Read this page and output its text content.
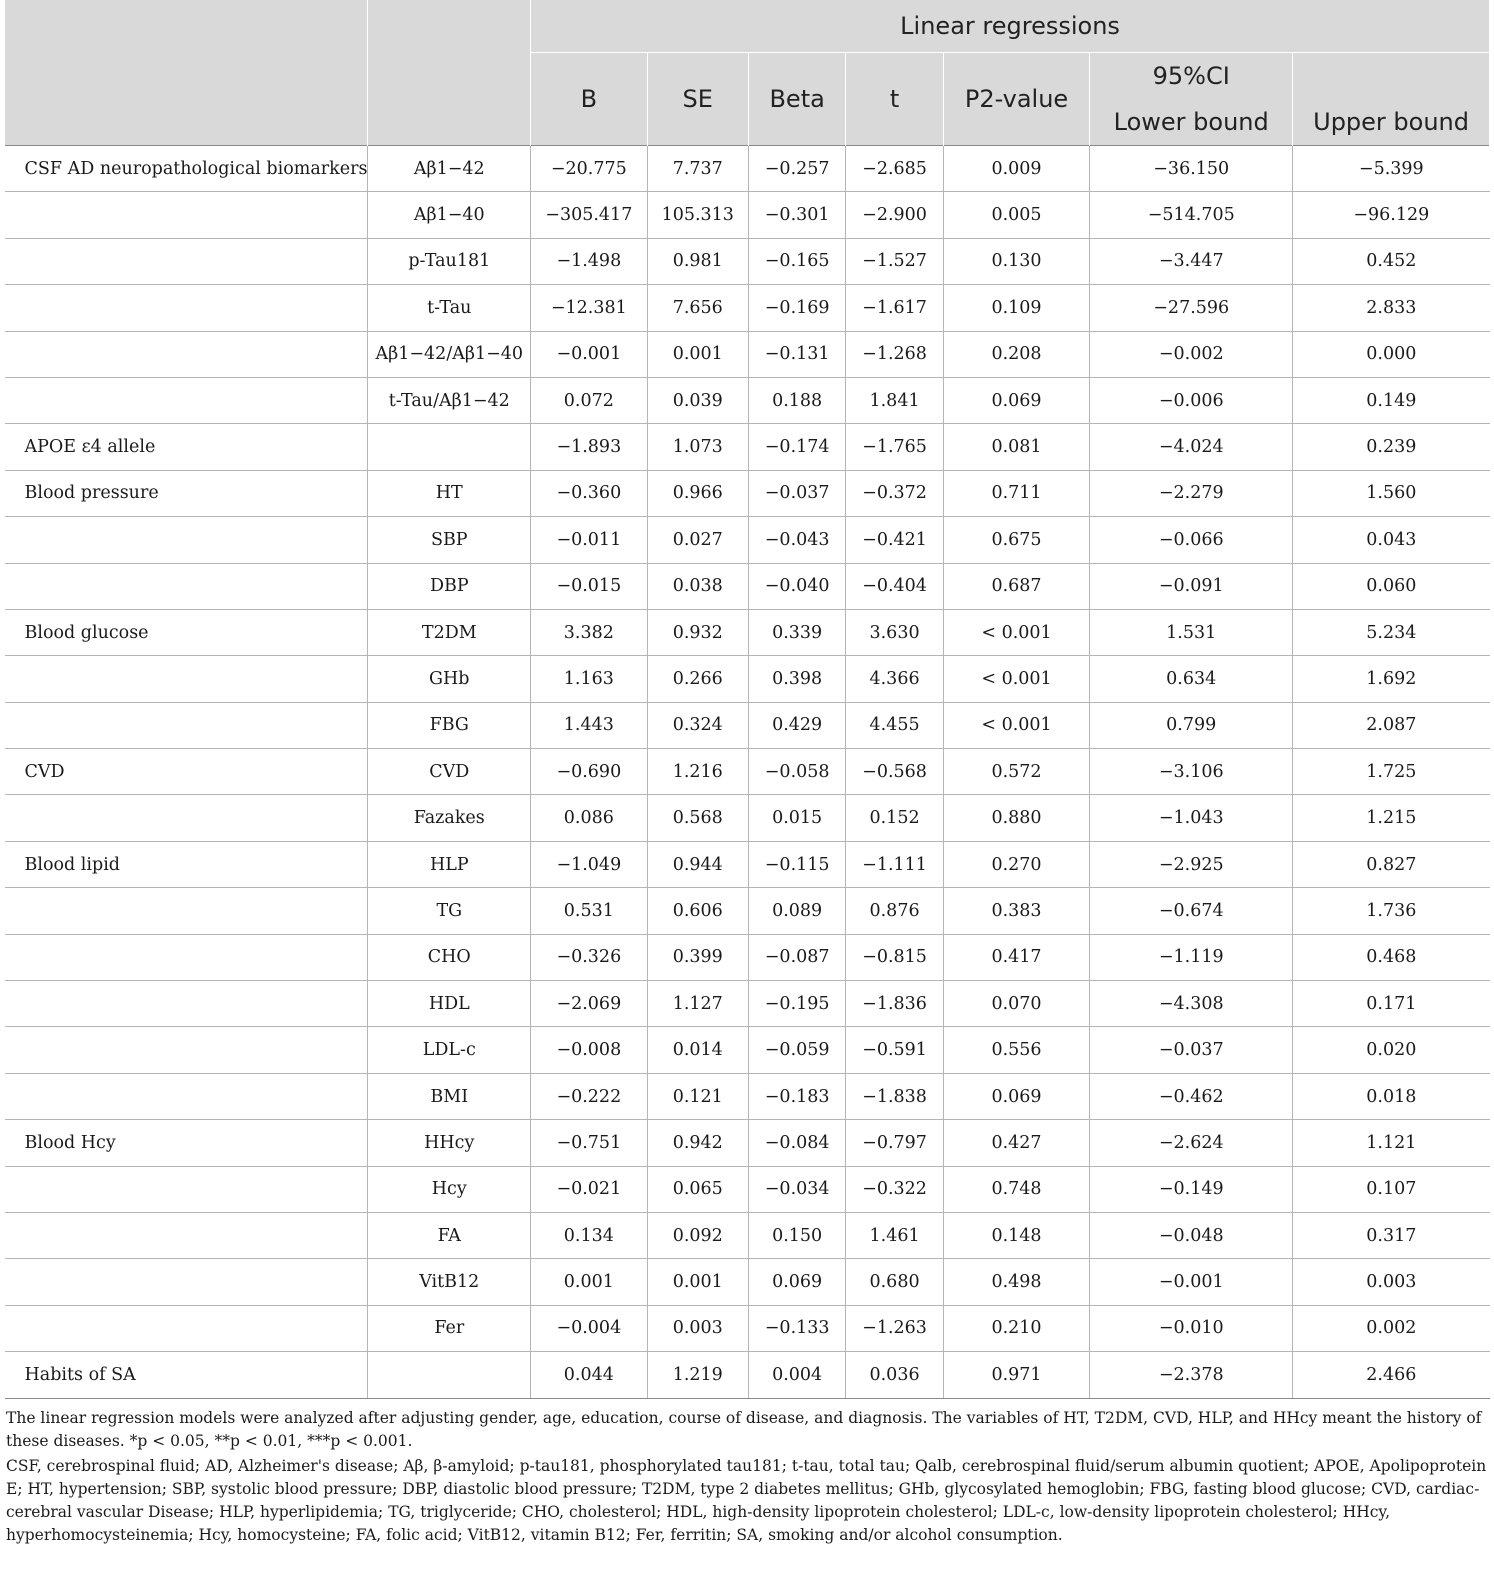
		Linear regressions						
		B	SE	Beta	t	P2-value	95%CI	
							Lower bound	Upper bound
CSF AD neuropathological biomarkers	Aβ1−42	−20.775	7.737	−0.257	−2.685	0.009	−36.150	−5.399
	Aβ1−40	−305.417	105.313	−0.301	−2.900	0.005	−514.705	−96.129
	p-Tau181	−1.498	0.981	−0.165	−1.527	0.130	−3.447	0.452
	t-Tau	−12.381	7.656	−0.169	−1.617	0.109	−27.596	2.833
	Aβ1−42/Aβ1−40	−0.001	0.001	−0.131	−1.268	0.208	−0.002	0.000
	t-Tau/Aβ1−42	0.072	0.039	0.188	1.841	0.069	−0.006	0.149
APOE ε4 allele		−1.893	1.073	−0.174	−1.765	0.081	−4.024	0.239
Blood pressure	HT	−0.360	0.966	−0.037	−0.372	0.711	−2.279	1.560
	SBP	−0.011	0.027	−0.043	−0.421	0.675	−0.066	0.043
	DBP	−0.015	0.038	−0.040	−0.404	0.687	−0.091	0.060
Blood glucose	T2DM	3.382	0.932	0.339	3.630	< 0.001	1.531	5.234
	GHb	1.163	0.266	0.398	4.366	< 0.001	0.634	1.692
	FBG	1.443	0.324	0.429	4.455	< 0.001	0.799	2.087
CVD	CVD	−0.690	1.216	−0.058	−0.568	0.572	−3.106	1.725
	Fazakes	0.086	0.568	0.015	0.152	0.880	−1.043	1.215
Blood lipid	HLP	−1.049	0.944	−0.115	−1.111	0.270	−2.925	0.827
	TG	0.531	0.606	0.089	0.876	0.383	−0.674	1.736
	CHO	−0.326	0.399	−0.087	−0.815	0.417	−1.119	0.468
	HDL	−2.069	1.127	−0.195	−1.836	0.070	−4.308	0.171
	LDL-c	−0.008	0.014	−0.059	−0.591	0.556	−0.037	0.020
	BMI	−0.222	0.121	−0.183	−1.838	0.069	−0.462	0.018
Blood Hcy	HHcy	−0.751	0.942	−0.084	−0.797	0.427	−2.624	1.121
	Hcy	−0.021	0.065	−0.034	−0.322	0.748	−0.149	0.107
	FA	0.134	0.092	0.150	1.461	0.148	−0.048	0.317
	VitB12	0.001	0.001	0.069	0.680	0.498	−0.001	0.003
	Fer	−0.004	0.003	−0.133	−1.263	0.210	−0.010	0.002
Habits of SA		0.044	1.219	0.004	0.036	0.971	−2.378	2.466

The linear regression models were analyzed after adjusting gender, age, education, course of disease, and diagnosis. The variables of HT, T2DM, CVD, HLP, and HHcy meant the history of these diseases. *p < 0.05, **p < 0.01, ***p < 0.001.

CSF, cerebrospinal fluid; AD, Alzheimer's disease; Aβ, β-amyloid; p-tau181, phosphorylated tau181; t-tau, total tau; Qalb, cerebrospinal fluid/serum albumin quotient; APOE, Apolipoprotein E; HT, hypertension; SBP, systolic blood pressure; DBP, diastolic blood pressure; T2DM, type 2 diabetes mellitus; GHb, glycosylated hemoglobin; FBG, fasting blood glucose; CVD, cardiac-cerebral vascular Disease; HLP, hyperlipidemia; TG, triglyceride; CHO, cholesterol; HDL, high-density lipoprotein cholesterol; LDL-c, low-density lipoprotein cholesterol; HHcy, hyperhomocysteinemia; Hcy, homocysteine; FA, folic acid; VitB12, vitamin B12; Fer, ferritin; SA, smoking and/or alcohol consumption.
